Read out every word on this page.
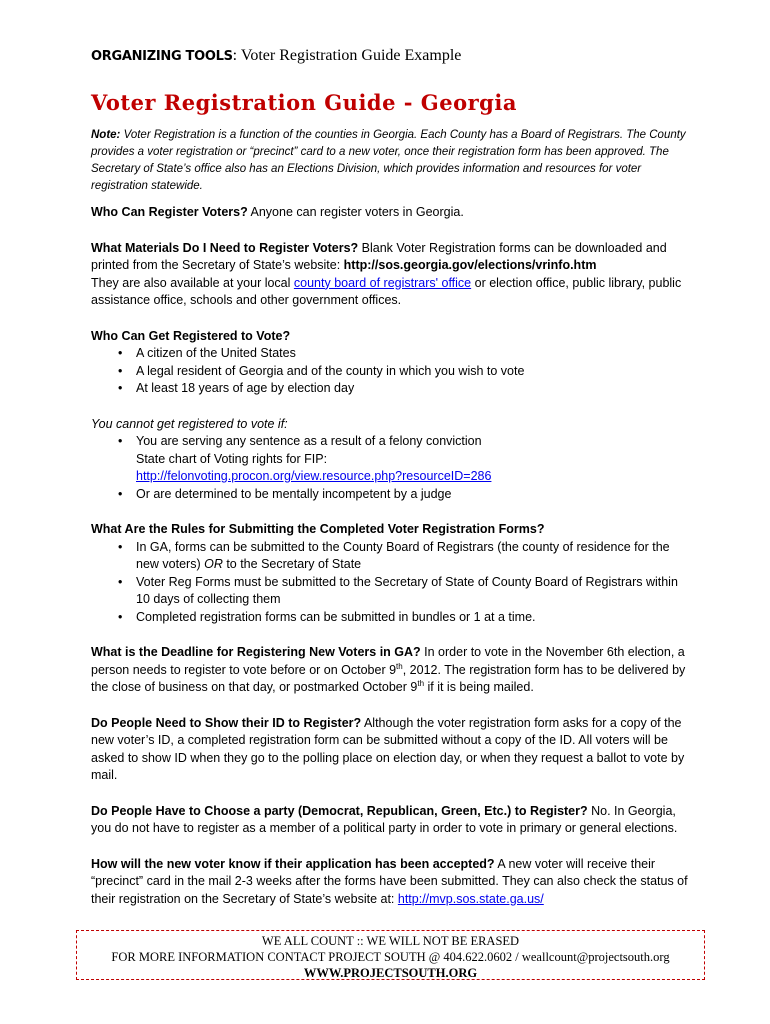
ORGANIZING TOOLS: Voter Registration Guide Example
Voter Registration Guide - Georgia
Note: Voter Registration is a function of the counties in Georgia. Each County has a Board of Registrars. The County provides a voter registration or “precinct” card to a new voter, once their registration form has been approved. The Secretary of State’s office also has an Elections Division, which provides information and resources for voter registration statewide.

Who Can Register Voters? Anyone can register voters in Georgia.

What Materials Do I Need to Register Voters? Blank Voter Registration forms can be downloaded and printed from the Secretary of State’s website: http://sos.georgia.gov/elections/vrinfo.htm
They are also available at your local county board of registrars' office or election office, public library, public assistance office, schools and other government offices.

Who Can Get Registered to Vote?

• A citizen of the United States
• A legal resident of Georgia and of the county in which you wish to vote
• At least 18 years of age by election day

You cannot get registered to vote if:

• You are serving any sentence as a result of a felony conviction
State chart of Voting rights for FIP:
http://felonvoting.procon.org/view.resource.php?resourceID=286
• Or are determined to be mentally incompetent by a judge

What Are the Rules for Submitting the Completed Voter Registration Forms?

• In GA, forms can be submitted to the County Board of Registrars (the county of residence for the new voters) OR to the Secretary of State
• Voter Reg Forms must be submitted to the Secretary of State of County Board of Registrars within 10 days of collecting them
• Completed registration forms can be submitted in bundles or 1 at a time.

What is the Deadline for Registering New Voters in GA? In order to vote in the November 6th election, a person needs to register to vote before or on October 9th, 2012. The registration form has to be delivered by the close of business on that day, or postmarked October 9th if it is being mailed.

Do People Need to Show their ID to Register? Although the voter registration form asks for a copy of the new voter’s ID, a completed registration form can be submitted without a copy of the ID. All voters will be asked to show ID when they go to the polling place on election day, or when they request a ballot to vote by mail.

Do People Have to Choose a party (Democrat, Republican, Green, Etc.) to Register? No. In Georgia, you do not have to register as a member of a political party in order to vote in primary or general elections.

How will the new voter know if their application has been accepted? A new voter will receive their “precinct” card in the mail 2-3 weeks after the forms have been submitted. They can also check the status of their registration on the Secretary of State’s website at: http://mvp.sos.state.ga.us/

WE ALL COUNT :: WE WILL NOT BE ERASED
FOR MORE INFORMATION CONTACT PROJECT SOUTH @ 404.622.0602 / weallcount@projectsouth.org
WWW.PROJECTSOUTH.ORG
